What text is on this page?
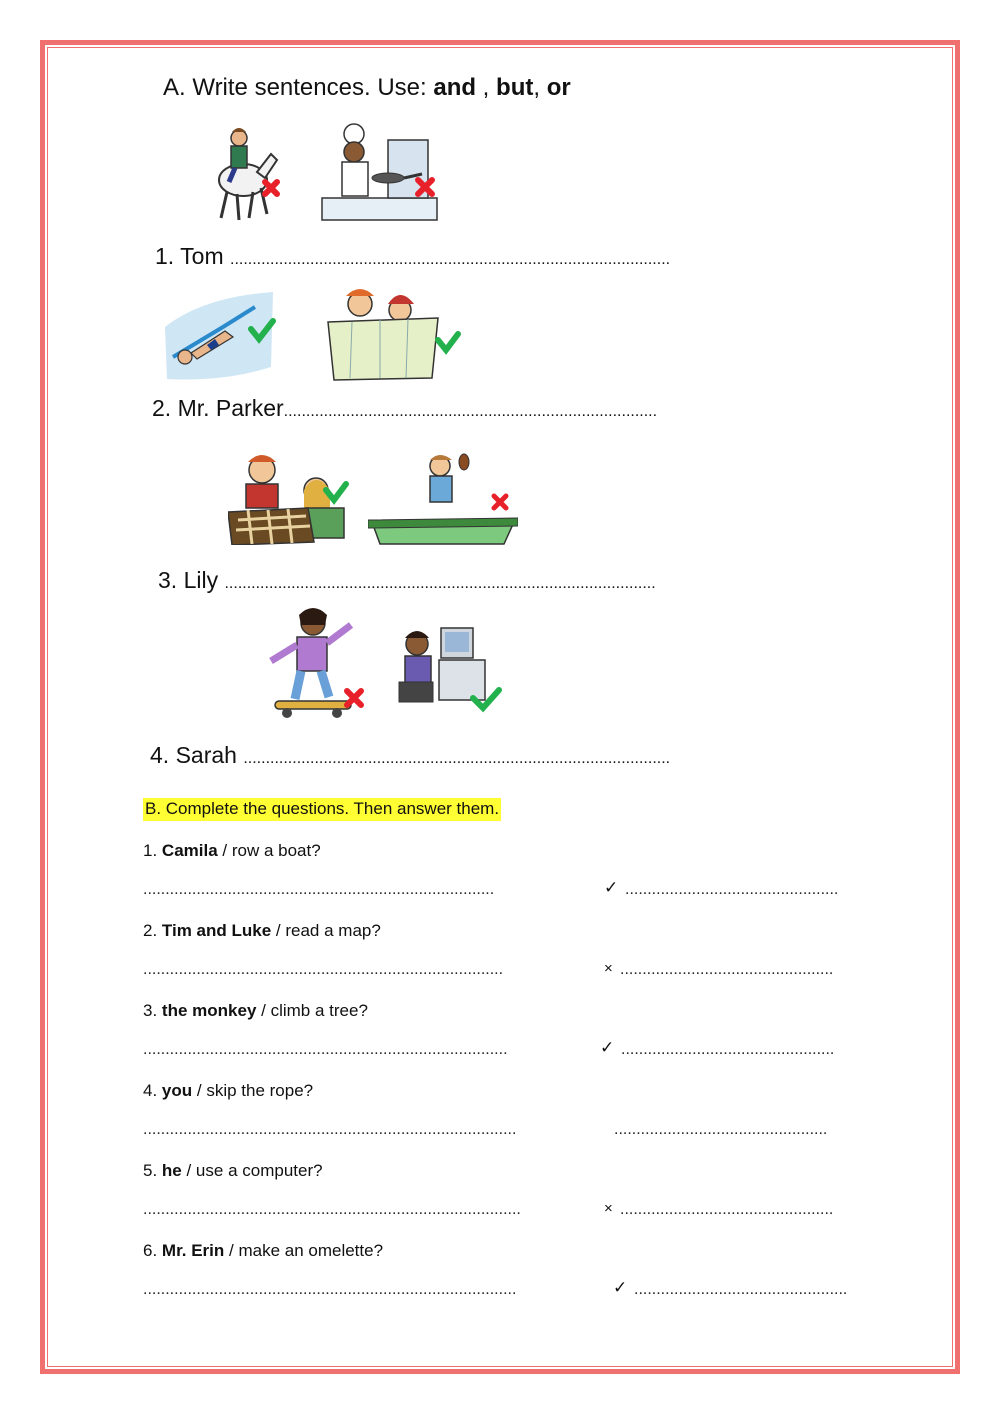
A. Write sentences. Use: and , but, or
1. Tom ...................................................................................................
2. Mr. Parker....................................................................................
3. Lily .................................................................................................
4. Sarah ................................................................................................
B. Complete the questions. Then answer them.
1. Camila / row a boat?
...............................................................................	✓ ................................................
2. Tim and Luke / read a map?
.................................................................................	× ................................................
3. the monkey / climb a tree?
..................................................................................	✓ ................................................
4. you / skip the rope?
....................................................................................	................................................
5. he / use a computer?
.....................................................................................	× ................................................
6. Mr. Erin / make an omelette?
....................................................................................	✓ ................................................
